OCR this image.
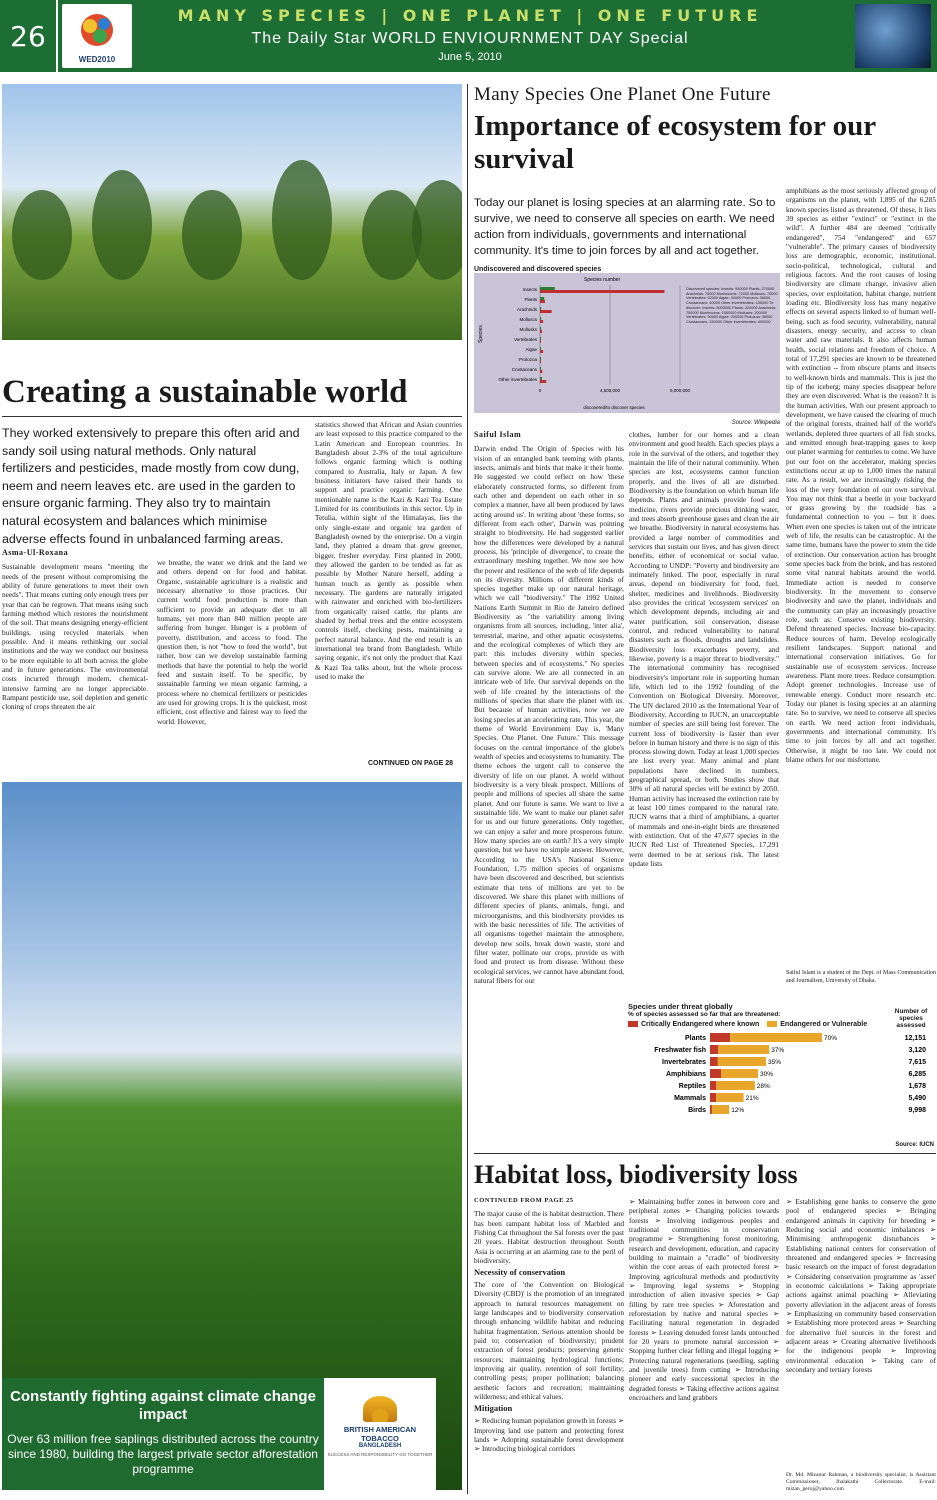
26
WED2010
MANY SPECIES | ONE PLANET | ONE FUTURE
The Daily Star WORLD ENVIOURNMENT DAY Special
June 5, 2010
Creating a sustainable world
They worked extensively to prepare this often arid and sandy soil using natural methods. Only natural fertilizers and pesticides, made mostly from cow dung, neem and neem leaves etc. are used in the garden to ensure organic farming. They also try to maintain natural ecosystem and balances which minimise adverse effects found in unbalanced farming areas.
Asma-Ul-Roxana

Sustainable development means "meeting the needs of the present without compromising the ability of future generations to meet their own needs". That means cutting only enough trees per year that can be regrown. That means using such farming method which restores the nourishment of the soil. That means designing energy-efficient buildings, using recycled materials when possible. And it means rethinking our social institutions and the way we conduct our business to be more equitable to all both across the globe and in future generations. The environmental costs incurred through modern, chemical-intensive farming are no longer appreciable. Rampant pesticide use, soil depletion and genetic cloning of crops threaten the air

we breathe, the water we drink and the land we and others depend on for food and habitat. Organic, sustainable agriculture is a realistic and necessary alternative to those practices. Our current world food production is more than sufficient to provide an adequate diet to all humans, yet more than 840 million people are suffering from hunger. Hunger is a problem of poverty, distribution, and access to food. The question then, is not "how to feed the world", but rather, how can we develop sustainable farming methods that have the potential to help the world feed and sustain itself. To be specific, by sustainable farming we mean organic farming, a process where no chemical fertilizers or pesticides are used for growing crops. It is the quickest, most efficient, cost effective and fairest way to feed the world. However,

statistics showed that African and Asian countries are least exposed to this practice compared to the Latin American and European countries. In Bangladesh about 2-3% of the total agriculture follows organic farming which is nothing compared to Australia, Italy or Japan. A few business initiators have raised their hands to support and practice organic farming. One mentionable name is the Kazi & Kazi Tea Estate Limited for its contributions in this sector. Up in Tetulia, within sight of the Himalayas, lies the only single-estate and organic tea garden of Bangladesh owned by the enterprise. On a virgin land, they planted a dream that grew greener, bigger, fresher everyday. First planted in 2000, they allowed the garden to be tended as far as possible by Mother Nature herself, adding a human touch as gently as possible when necessary. The gardens are naturally irrigated with rainwater and enriched with bio-fertilizers from organically raised cattle, the plants are shaded by herbal trees and the entire ecosystem controls itself, checking pests, maintaining a perfect natural balance. And the end result is an international tea brand from Bangladesh. While saying organic, it's not only the product that Kazi & Kazi Tea talks about, but the whole process used to make the

CONTINUED ON PAGE 28
Constantly fighting against climate change impact
Over 63 million free saplings distributed across the country since 1980, building the largest private sector afforestation programme
BRITISH AMERICAN TOBACCO
BANGLADESH
SUCCESS AND RESPONSIBILITY GO TOGETHER
Many Species One Planet One Future
Importance of ecosystem for our survival
Today our planet is losing species at an alarming rate. So to survive, we need to conserve all species on earth. We need action from individuals, governments and international community. It's time to join forces by all and act together.
Undiscovered and discovered species
Species number
0	4,500,000	9,000,000
Insects
Plants
Arachnids
Molluscs
Mollusks
Vertebrates
Algae
Protozoa
Crustaceans
Other invertebrates
discovered/to discover species
Species
Discovered species: Insects: 950000 Plants: 270000 Arachnids: 75000 Mushrooms: 72000 Molluscs: 70000 Vertebrates: 62000 Algae: 40000 Protozoa: 36000 Crustaceans: 40000 Other invertebrates: 130000 To discover: Insects: 8000000 Plants: 320000 Arachnids: 750000 Mushrooms: 1500000 Molluscs: 200000 Vertebrates: 50000 Algae: 200000 Protozoa: 36000 Crustaceans: 150000 Other invertebrates: 400000
Source: Wikipedia
Saiful Islam

Darwin ended The Origin of Species with his vision of an entangled bank teeming with plants, insects, animals and birds that make it their home. He suggested we could reflect on how 'these elaborately constructed forms, so different from each other and dependent on each other in so complex a manner, have all been produced by laws acting around us'. In writing about 'these forms, so different from each other', Darwin was pointing straight to biodiversity. He had suggested earlier how the differences were developed by a natural process, his 'principle of divergence', to create the extraordinary meshing together. We now see how the power and resilience of the web of life depends on its diversity. Millions of different kinds of species together make up our natural heritage, which we call "biodiversity." The 1992 United Nations Earth Summit in Rio de Janeiro defined Biodiversity as "the variability among living organisms from all sources, including, 'inter alia', terrestrial, marine, and other aquatic ecosystems, and the ecological complexes of which they are part: this includes diversity within species, between species and of ecosystems." No species can survive alone. We are all connected in an intricate web of life. Our survival depends on the web of life created by the interactions of the millions of species that share the planet with us. But because of human activities, now we are losing species at an accelerating rate. This year, the theme of World Environment Day is, 'Many Species. One Planet. One Future.' This message focuses on the central importance of the globe's wealth of species and ecosystems to humanity. The theme echoes the urgent call to conserve the diversity of life on our planet. A world without biodiversity is a very bleak prospect. Millions of people and millions of species all share the same planet. And our future is same. We want to live a sustainable life. We want to make our planet safer for us and our future generations. Only together, we can enjoy a safer and more prosperous future. How many species are on earth? It's a very simple question, but we have no simple answer. However, According to the USA's National Science Foundation, 1.75 million species of organisms have been discovered and described, but scientists estimate that tens of millions are yet to be discovered. We share this planet with millions of different species of plants, animals, fungi, and microorganisms, and this biodiversity provides us with the basic necessities of life. The activities of all organisms together maintain the atmosphere, develop new soils, break down waste, store and filter water, pollinate our crops, provide us with food and protect us from disease. Without these ecological services, we cannot have abundant food, natural fibers for our

clothes, lumber for our homes and a clean environment and good health. Each species plays a role in the survival of the others, and together they maintain the life of their natural community. When species are lost, ecosystems cannot function properly, and the lives of all are disturbed. Biodiversity is the foundation on which human life depends. Plants and animals provide food and medicine, rivers provide precious drinking water, and trees absorb greenhouse gases and clean the air we breathe. Biodiversity in natural ecosystems has provided a large number of commodities and services that sustain our lives, and has given direct benefits, either of economical or social value. According to UNDP: "Poverty and biodiversity are intimately linked. The poor, especially in rural areas, depend on biodiversity for food, fuel, shelter, medicines and livelihoods. Biodiversity also provides the critical 'ecosystem services' on which development depends, including air and water purification, soil conservation, disease control, and reduced vulnerability to natural disasters such as floods, droughts and landslides. Biodiversity loss exacerbates poverty, and likewise, poverty is a major threat to biodiversity." The international community has recognised biodiversity's important role in supporting human life, which led to the 1992 founding of the Convention on Biological Diversity. Moreover, The UN declared 2010 as the International Year of Biodiversity. According to IUCN, an unacceptable number of species are still being lost forever. The current loss of biodiversity is faster than ever before in human history and there is no sign of this process slowing down. Today at least 1,000 species are lost every year. Many animal and plant populations have declined in numbers, geographical spread, or both. Studies show that 30% of all natural species will be extinct by 2050. Human activity has increased the extinction rate by at least 100 times compared to the natural rate. IUCN warns that a third of amphibians, a quarter of mammals and one-in-eight birds are threatened with extinction. Out of the 47,677 species in the IUCN Red List of Threatened Species, 17,291 were deemed to be at serious risk. The latest update lists

amphibians as the most seriously affected group of organisms on the planet, with 1,895 of the 6,285 known species listed as threatened. Of these, it lists 39 species as either "extinct" or "extinct in the wild". A further 484 are deemed "critically endangered", 754 "endangered" and 657 "vulnerable". The primary causes of biodiversity loss are demographic, economic, institutional, socio-political, technological, cultural and religious factors. And the root causes of losing biodiversity are climate change, invasive alien species, over exploitation, habitat change, nutrient loading etc. Biodiversity loss has many negative effects on several aspects linked to of human well-being, such as food security, vulnerability, natural disasters, energy security, and access to clean water and raw materials. It also affects human health, social relations and freedom of choice. A total of 17,291 species are known to be threatened with extinction -- from obscure plants and insects to well-known birds and mammals. This is just the tip of the iceberg; many species disappear before they are even discovered. What is the reason? It is the human activities. With our present approach to development, we have caused the clearing of much of the original forests, drained half of the world's wetlands, depleted three quarters of all fish stocks, and emitted enough heat-trapping gases to keep our planet warming for centuries to come. We have put our foot on the accelerator, making species extinctions occur at up to 1,000 times the natural rate. As a result, we are increasingly risking the loss of the very foundation of our own survival. You may not think that a beetle in your backyard or grass growing by the roadside has a fundamental connection to you -- but it does. When even one species is taken out of the intricate web of life, the results can be catastrophic. At the same time, humans have the power to stem the tide of extinction. Our conservation action has brought some species back from the brink, and has restored some vital natural habitats around the world. Immediate action is needed to conserve biodiversity. In the movement to conserve biodiversity and save the planet, individuals and the community can play an increasingly proactive role, such as: Conserve existing biodiversity. Defend threatened species. Increase bio-capacity. Reduce sources of harm. Develop ecologically resilient landscapes. Support national and international conservation initiatives. Go for sustainable use of ecosystem services. Increase awareness. Plant more trees. Reduce consumption. Adopt greener technologies. Increase use of renewable energy. Conduct more research etc. Today our planet is losing species at an alarming rate. So to survive, we need to conserve all species on earth. We need action from individuals, governments and international community. It's time to join forces by all and act together. Otherwise, it might be too late. We could not blame others for our misfortune.

Saiful Islam is a student of the Dept. of Mass Communication and Journalism, University of Dhaka.
Species under threat globally
% of species assessed so far that are threatened:
Critically Endangered where known	Endangered or Vulnerable
Number of species assessed
Plants	70%	12,151
Freshwater fish	37%	3,120
Invertebrates	35%	7,615
Amphibians	30%	6,285
Reptiles	28%	1,678
Mammals	21%	5,490
Birds	12%	9,998
Source: IUCN
Habitat loss, biodiversity loss
CONTINUED FROM PAGE 25

The major cause of the is habitat destruction. There has been rampant habitat loss of Marbled and Fishing Cat throughout the Sal forests over the past 20 years. Habitat destruction throughout South Asia is occurring at an alarming rate to the peril of biodiversity.

Necessity of conservation

The core of 'the Convention on Biological Diversity (CBD)' is the promotion of an integrated approach to natural resources management on large landscapes and to biodiversity conservation through enhancing wildlife habitat and reducing habitat fragmentation. Serious attention should be paid to; conservation of biodiversity; prudent extraction of forest products; preserving genetic resources; maintaining hydrological functions; improving air quality, retention of soil fertility; controlling pests; proper pollination; balancing aesthetic factors and recreation; maintaining wilderness; and ethical values.

Mitigation

➢ Reducing human population growth in forests ➢ Improving land use pattern and protecting forest lands ➢ Adopting sustainable forest development ➢ Introducing biological corridors

➢ Maintaining buffer zones in between core and peripheral zones ➢ Changing policies towards forests ➢ Involving indigenous peoples and traditional communities in conservation programme ➢ Strengthening forest monitoring, research and development, education, and capacity building to maintain a "cradle" of biodiversity within the core areas of each protected forest ➢ Improving agricultural methods and productivity ➢ Improving legal systems ➢ Stopping introduction of alien invasive species ➢ Gap filling by rare tree species ➢ Aforestation and reforestation by native and natural species ➢ Facilitating natural regeneration in degraded forests ➢ Leaving denuded forest lands untouched for 20 years to promote natural succession ➢ Stopping further clear felling and illegal logging ➢ Protecting natural regenerations (seedling, sapling and juvenile trees) from cutting ➢ Introducing pioneer and early successional species in the degraded forests ➢ Taking effective actions against encroachers and land grabbers

➢ Establishing gene banks to conserve the gene pool of endangered species ➢ Bringing endangered animals in captivity for breeding ➢ Reducing social and economic imbalances ➢ Minimising anthropogenic disturbances ➢ Establishing national centers for conservation of threatened and endangered species ➢ Increasing basic research on the impact of forest degradation ➢ Considering conservation programme as 'asset' in economic calculations ➢ Taking appropriate actions against animal poaching ➢ Alleviating poverty alleviation in the adjacent areas of forests ➢ Emphasizing on community based conservation ➢ Establishing more protected areas ➢ Searching for alternative fuel sources in the forest and adjacent areas ➢ Creating alternative livelihoods for the indigenous people ➢ Improving environmental education ➢ Taking care of secondary and tertiary forests

Dr. Md. Mizanur Rahman, a biodiversity specialist, is Assistant Commissioner, Jhalakathi Collectorate. E-mail: mizan_peroj@yahoo.com
